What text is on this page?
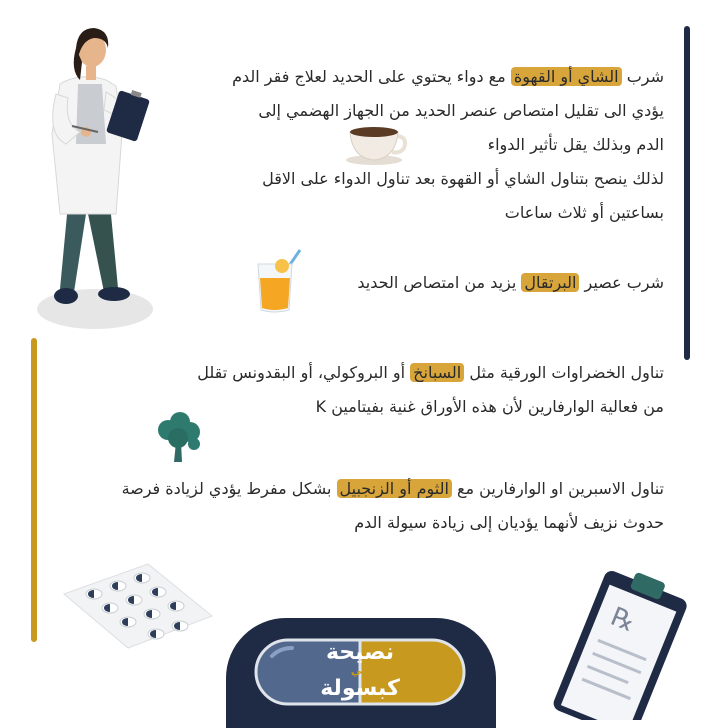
شرب الشاي أو القهوة مع دواء يحتوي على الحديد لعلاج فقر الدم
يؤدي الى تقليل امتصاص عنصر الحديد من الجهاز الهضمي إلى
الدم وبذلك يقل تأثير الدواء
لذلك ينصح بتناول الشاي أو القهوة بعد تناول الدواء على الاقل
بساعتين أو ثلاث ساعات
شرب عصير البرتقال يزيد من امتصاص الحديد
تناول الخضراوات الورقية مثل السبانخ أو البروكولي، أو البقدونس تقلل
من فعالية الوارفارين لأن هذه الأوراق غنية بفيتامين K
تناول الاسبرين او الوارفارين مع الثوم أو الزنجبيل بشكل مفرط يؤدي لزيادة فرصة
حدوث نزيف لأنهما يؤديان إلى زيادة سيولة الدم
℞
نصيحة
في
كبسولة
